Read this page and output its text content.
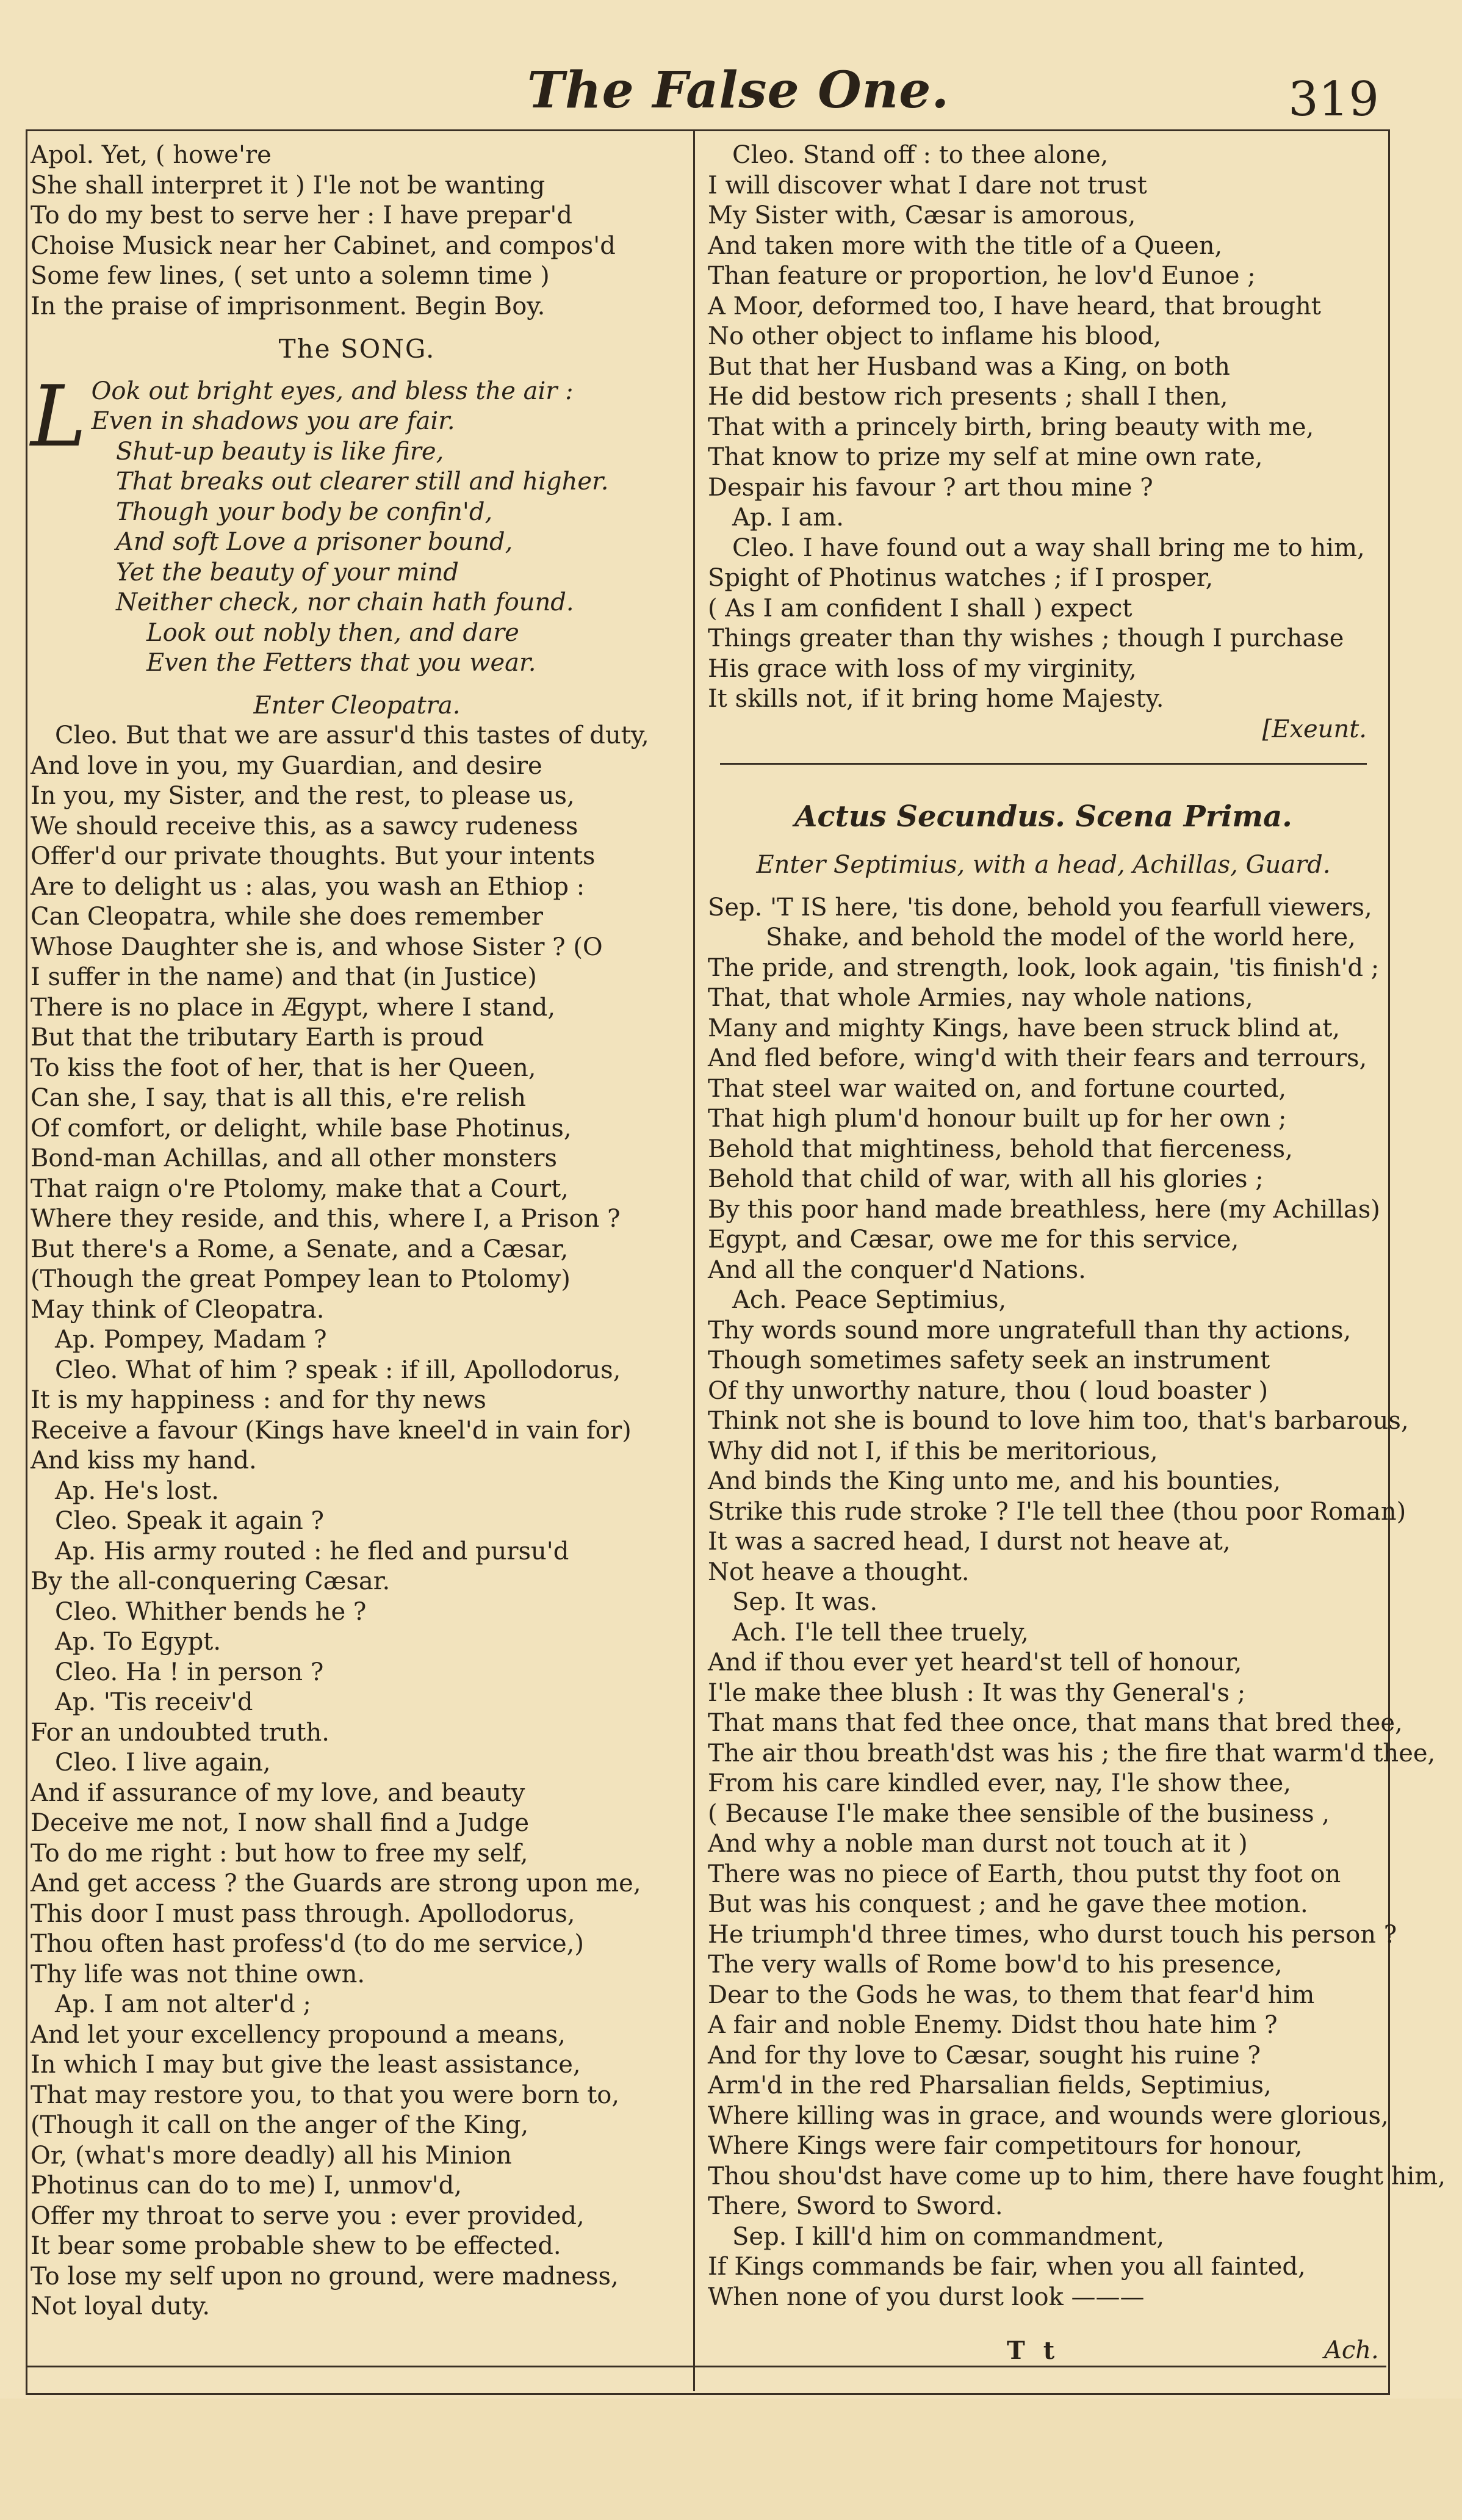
The False One.	319
Apol. Yet, ( howe're
She shall interpret it ) I'le not be wanting
To do my best to serve her : I have prepar'd
Choise Musick near her Cabinet, and compos'd
Some few lines, ( set unto a solemn time )
In the praise of imprisonment. Begin Boy.
The SONG.
L Ook out bright eyes, and bless the air :
Even in shadows you are fair.
Shut-up beauty is like fire,
That breaks out clearer still and higher.
Though your body be confin'd,
And soft Love a prisoner bound,
Yet the beauty of your mind
Neither check, nor chain hath found.
Look out nobly then, and dare
Even the Fetters that you wear.
Enter Cleopatra.
Cleo. But that we are assur'd this tastes of duty,
And love in you, my Guardian, and desire
In you, my Sister, and the rest, to please us,
We should receive this, as a sawcy rudeness
Offer'd our private thoughts. But your intents
Are to delight us : alas, you wash an Ethiop :
Can Cleopatra, while she does remember
Whose Daughter she is, and whose Sister ? (O
I suffer in the name) and that (in Justice)
There is no place in Ægypt, where I stand,
But that the tributary Earth is proud
To kiss the foot of her, that is her Queen,
Can she, I say, that is all this, e're relish
Of comfort, or delight, while base Photinus,
Bond-man Achillas, and all other monsters
That raign o're Ptolomy, make that a Court,
Where they reside, and this, where I, a Prison ?
But there's a Rome, a Senate, and a Cæsar,
(Though the great Pompey lean to Ptolomy)
May think of Cleopatra.
Ap. Pompey, Madam ?
Cleo. What of him ? speak : if ill, Apollodorus,
It is my happiness : and for thy news
Receive a favour (Kings have kneel'd in vain for)
And kiss my hand.
Ap. He's lost.
Cleo. Speak it again ?
Ap. His army routed : he fled and pursu'd
By the all-conquering Cæsar.
Cleo. Whither bends he ?
Ap. To Egypt.
Cleo. Ha ! in person ?
Ap. 'Tis receiv'd
For an undoubted truth.
Cleo. I live again,
And if assurance of my love, and beauty
Deceive me not, I now shall find a Judge
To do me right : but how to free my self,
And get access ? the Guards are strong upon me,
This door I must pass through. Apollodorus,
Thou often hast profess'd (to do me service,)
Thy life was not thine own.
Ap. I am not alter'd ;
And let your excellency propound a means,
In which I may but give the least assistance,
That may restore you, to that you were born to,
(Though it call on the anger of the King,
Or, (what's more deadly) all his Minion
Photinus can do to me) I, unmov'd,
Offer my throat to serve you : ever provided,
It bear some probable shew to be effected.
To lose my self upon no ground, were madness,
Not loyal duty.
Cleo. Stand off : to thee alone,
I will discover what I dare not trust
My Sister with, Cæsar is amorous,
And taken more with the title of a Queen,
Than feature or proportion, he lov'd Eunoe ;
A Moor, deformed too, I have heard, that brought
No other object to inflame his blood,
But that her Husband was a King, on both
He did bestow rich presents ; shall I then,
That with a princely birth, bring beauty with me,
That know to prize my self at mine own rate,
Despair his favour ? art thou mine ?
Ap. I am.
Cleo. I have found out a way shall bring me to him,
Spight of Photinus watches ; if I prosper,
( As I am confident I shall ) expect
Things greater than thy wishes ; though I purchase
His grace with loss of my virginity,
It skills not, if it bring home Majesty.
[Exeunt.
Actus Secundus. Scena Prima.
Enter Septimius, with a head, Achillas, Guard.
Sep. 'T IS here, 'tis done, behold you fearfull viewers,
Shake, and behold the model of the world here,
The pride, and strength, look, look again, 'tis finish'd ;
That, that whole Armies, nay whole nations,
Many and mighty Kings, have been struck blind at,
And fled before, wing'd with their fears and terrours,
That steel war waited on, and fortune courted,
That high plum'd honour built up for her own ;
Behold that mightiness, behold that fierceness,
Behold that child of war, with all his glories ;
By this poor hand made breathless, here (my Achillas)
Egypt, and Cæsar, owe me for this service,
And all the conquer'd Nations.
Ach. Peace Septimius,
Thy words sound more ungratefull than thy actions,
Though sometimes safety seek an instrument
Of thy unworthy nature, thou ( loud boaster )
Think not she is bound to love him too, that's barbarous,
Why did not I, if this be meritorious,
And binds the King unto me, and his bounties,
Strike this rude stroke ? I'le tell thee (thou poor Roman)
It was a sacred head, I durst not heave at,
Not heave a thought.
Sep. It was.
Ach. I'le tell thee truely,
And if thou ever yet heard'st tell of honour,
I'le make thee blush : It was thy General's ;
That mans that fed thee once, that mans that bred thee,
The air thou breath'dst was his ; the fire that warm'd thee,
From his care kindled ever, nay, I'le show thee,
( Because I'le make thee sensible of the business ,
And why a noble man durst not touch at it )
There was no piece of Earth, thou putst thy foot on
But was his conquest ; and he gave thee motion.
He triumph'd three times, who durst touch his person ?
The very walls of Rome bow'd to his presence,
Dear to the Gods he was, to them that fear'd him
A fair and noble Enemy. Didst thou hate him ?
And for thy love to Cæsar, sought his ruine ?
Arm'd in the red Pharsalian fields, Septimius,
Where killing was in grace, and wounds were glorious,
Where Kings were fair competitours for honour,
Thou shou'dst have come up to him, there have fought him,
There, Sword to Sword.
Sep. I kill'd him on commandment,
If Kings commands be fair, when you all fainted,
When none of you durst look ———
T t	Ach.
